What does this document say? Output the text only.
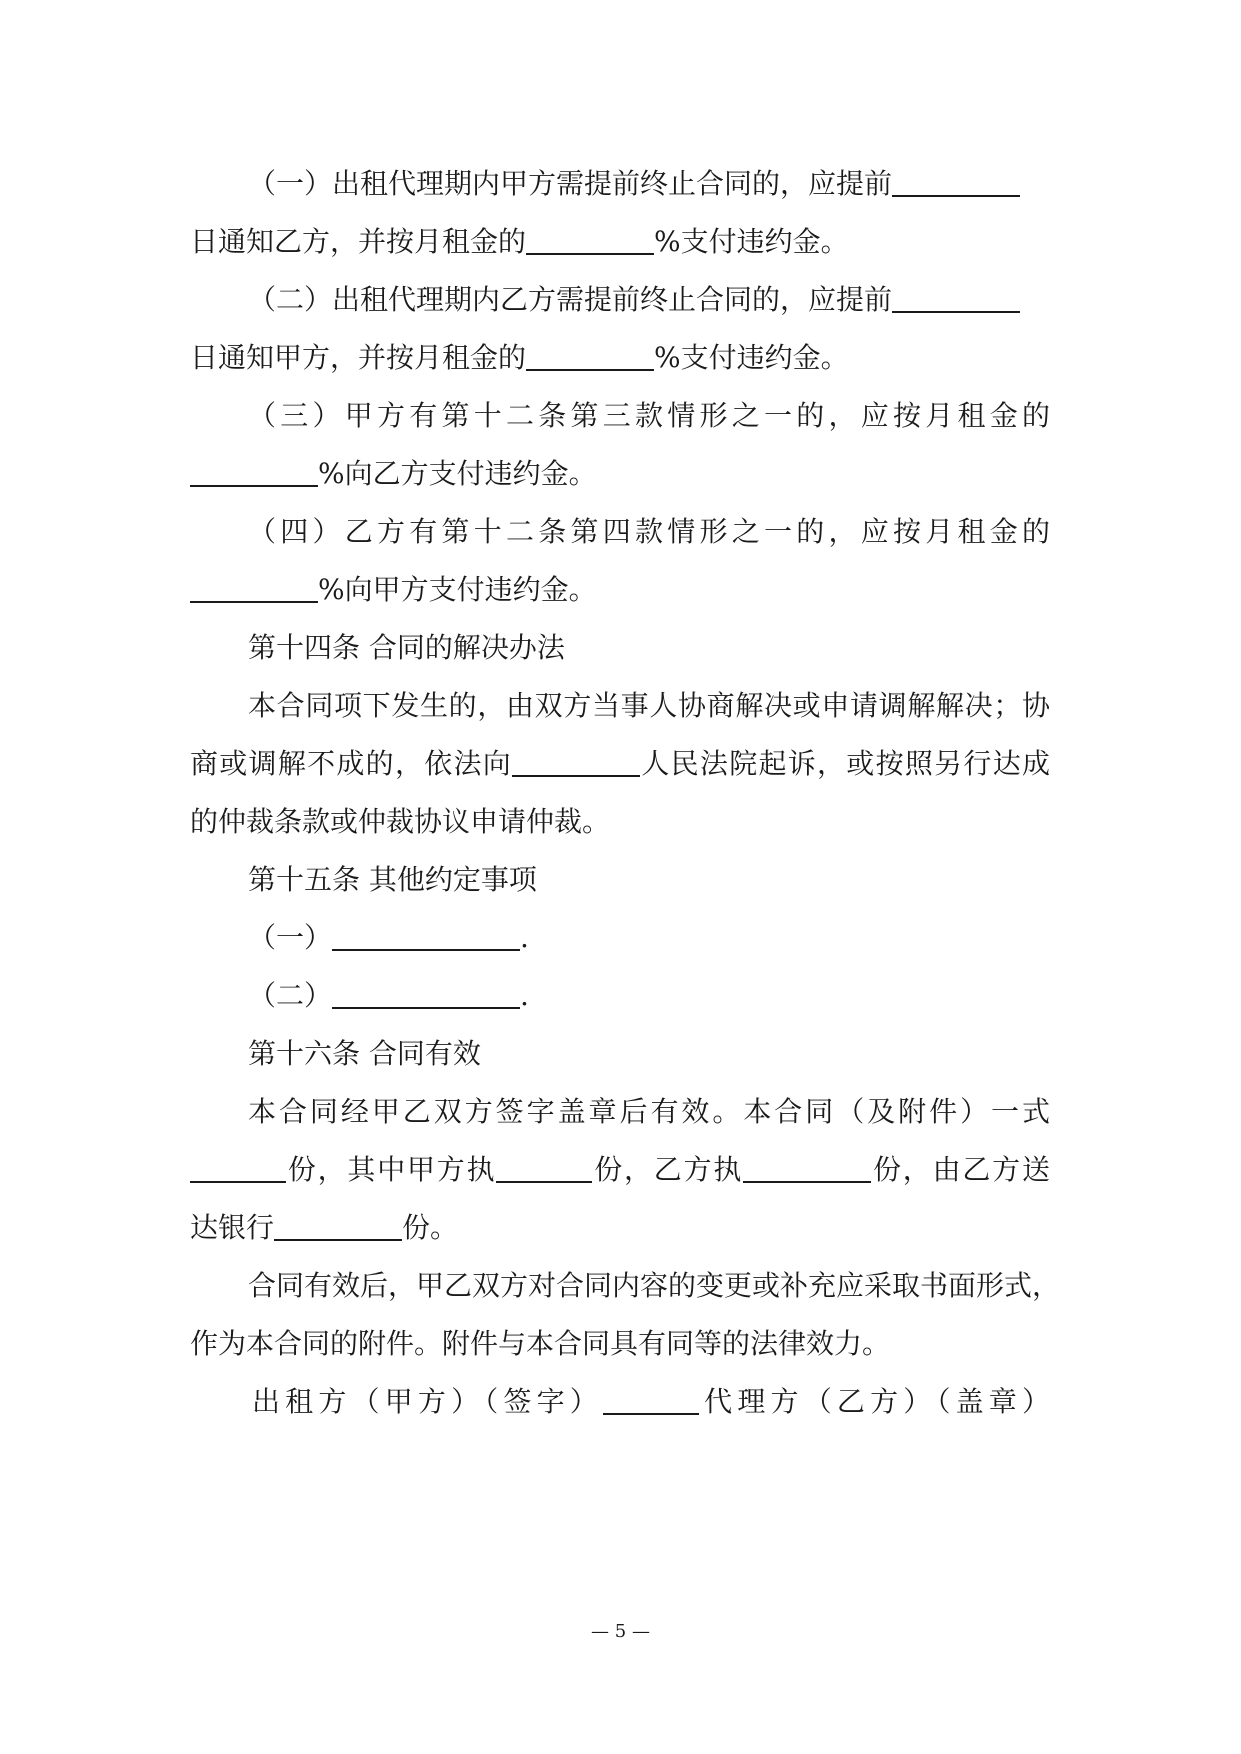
（一）出租代理期内甲方需提前终止合同的，应提前
日通知乙方，并按月租金的	%支付违约金。
（二）出租代理期内乙方需提前终止合同的，应提前
日通知甲方，并按月租金的	%支付违约金。
（三）甲方有第十二条第三款情形之一的，应按月租金的
%向乙方支付违约金。
（四）乙方有第十二条第四款情形之一的，应按月租金的
%向甲方支付违约金。
第十四条 合同的解决办法
本合同项下发生的，由双方当事人协商解决或申请调解解决；协
商或调解不成的，依法向	人民法院起诉，或按照另行达成
的仲裁条款或仲裁协议申请仲裁。
第十五条 其他约定事项
（一）	.
（二）	.
第十六条 合同有效
本合同经甲乙双方签字盖章后有效。本合同（及附件）一式
份，其中甲方执	份，乙方执	份，由乙方送
达银行	份。
合同有效后，甲乙双方对合同内容的变更或补充应采取书面形式，
作为本合同的附件。附件与本合同具有同等的法律效力。
出租方（甲方）（签字）	代理方（乙方）（盖章）
— 5 —
